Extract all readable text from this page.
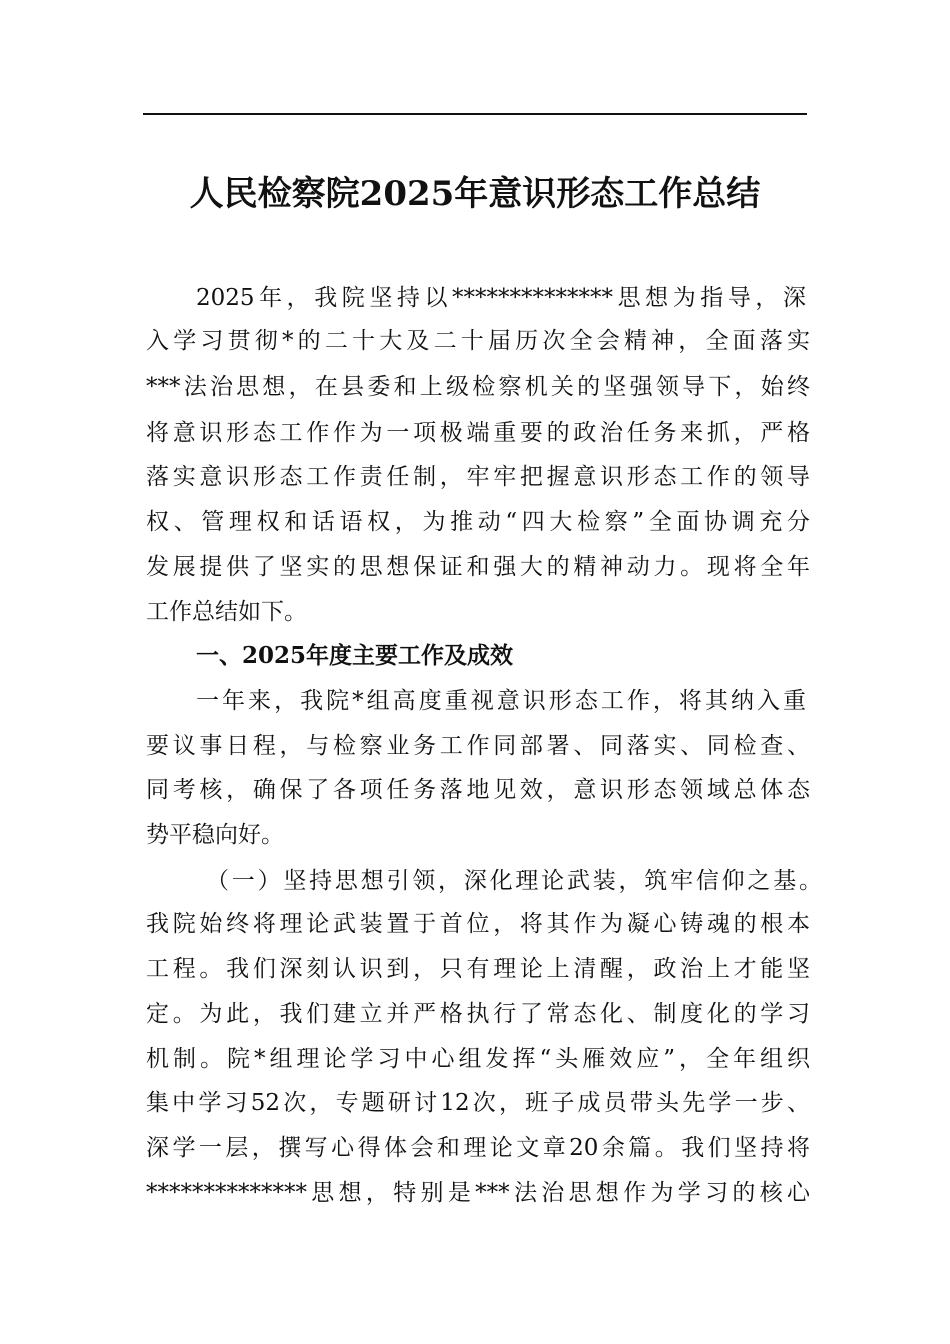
人民检察院2025年意识形态工作总结

2025年，我院坚持以**************思想为指导，深

入学习贯彻*的二十大及二十届历次全会精神，全面落实

***法治思想，在县委和上级检察机关的坚强领导下，始终

将意识形态工作作为一项极端重要的政治任务来抓，严格

落实意识形态工作责任制，牢牢把握意识形态工作的领导

权、管理权和话语权，为推动“四大检察”全面协调充分

发展提供了坚实的思想保证和强大的精神动力。现将全年

工作总结如下。

一、2025年度主要工作及成效

一年来，我院*组高度重视意识形态工作，将其纳入重

要议事日程，与检察业务工作同部署、同落实、同检查、

同考核，确保了各项任务落地见效，意识形态领域总体态

势平稳向好。

（一）坚持思想引领，深化理论武装，筑牢信仰之基。

我院始终将理论武装置于首位，将其作为凝心铸魂的根本

工程。我们深刻认识到，只有理论上清醒，政治上才能坚

定。为此，我们建立并严格执行了常态化、制度化的学习

机制。院*组理论学习中心组发挥“头雁效应”，全年组织

集中学习52次，专题研讨12次，班子成员带头先学一步、

深学一层，撰写心得体会和理论文章20余篇。我们坚持将

**************思想，特别是***法治思想作为学习的核心
